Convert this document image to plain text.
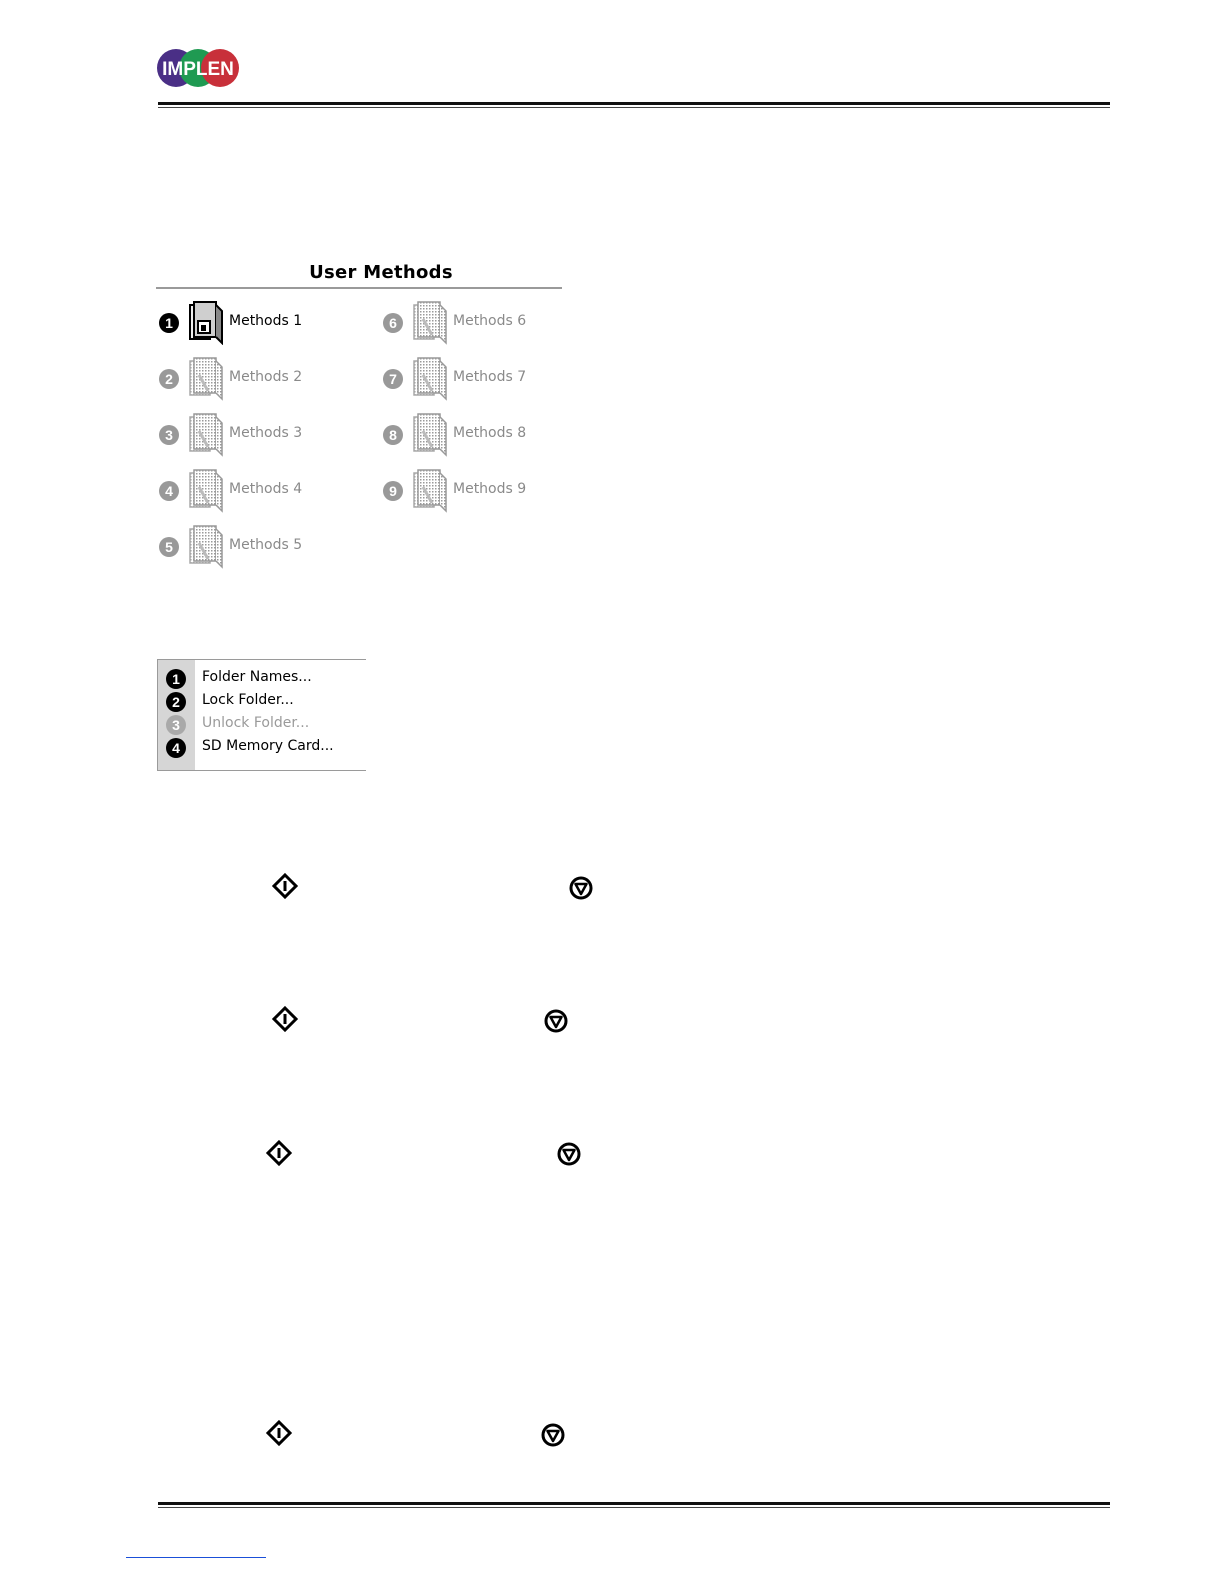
IMPLEN
User Methods
1	Methods 1
2	Methods 2
3	Methods 3
4	Methods 4
5	Methods 5
6	Methods 6
7	Methods 7
8	Methods 8
9	Methods 9
1 Folder Names...
2 Lock Folder...
3 Unlock Folder...
4 SD Memory Card...
